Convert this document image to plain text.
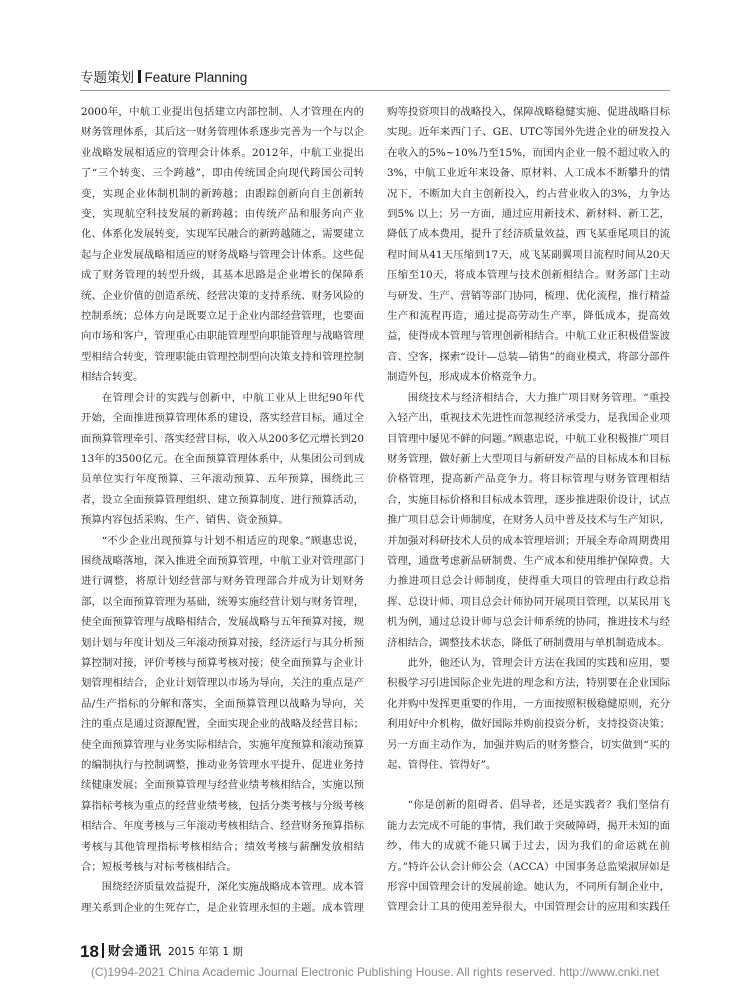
专题策划 Feature Planning

2000年，中航工业提出包括建立内部控制、人才管理在内的财务管理体系，其后这一财务管理体系逐步完善为一个与以企业战略发展相适应的管理会计体系。2012年，中航工业提出了“三个转变、三个跨越”，即由传统国企向现代跨国公司转变，实现企业体制机制的新跨越；由跟踪创新向自主创新转变，实现航空科技发展的新跨越；由传统产品和服务向产业化、体系化发展转变，实现军民融合的新跨越随之，需要建立起与企业发展战略相适应的财务战略与管理会计体系。这些促成了财务管理的转型升级，其基本思路是企业增长的保障系统、企业价值的创造系统、经营决策的支持系统、财务风险的控制系统；总体方向是既要立足于企业内部经营管理，也要面向市场和客户，管理重心由职能管理型向职能管理与战略管理型相结合转变，管理职能由管理控制型向决策支持和管理控制相结合转变。

在管理会计的实践与创新中，中航工业从上世纪90年代开始，全面推进预算管理体系的建设，落实经营目标，通过全面预算管理牵引、落实经营目标，收入从200多亿元增长到2013年的3500亿元。在全面预算管理体系中，从集团公司到成员单位实行年度预算、三年滚动预算、五年预算，围绕此三者，设立全面预算管理组织、建立预算制度、进行预算活动，预算内容包括采购、生产、销售、资金预算。

“不少企业出现预算与计划不相适应的现象。”顾惠忠说，围绕战略落地，深入推进全面预算管理，中航工业对管理部门进行调整，将原计划经营部与财务管理部合并成为计划财务部，以全面预算管理为基础，统筹实施经营计划与财务管理，使全面预算管理与战略相结合，发展战略与五年预算对接，规划计划与年度计划及三年滚动预算对接，经济运行与其分析预算控制对接，评价考核与预算考核对接；使全面预算与企业计划管理相结合，企业计划管理以市场为导向，关注的重点是产品/生产指标的分解和落实，全面预算管理以战略为导向，关注的重点是通过资源配置，全面实现企业的战略及经营目标；使全面预算管理与业务实际相结合，实施年度预算和滚动预算的编制执行与控制调整，推动业务管理水平提升、促进业务持续健康发展；全面预算管理与经营业绩考核相结合，实施以预算指标考核为重点的经营业绩考核，包括分类考核与分级考核相结合、年度考核与三年滚动考核相结合、经营财务预算指标考核与其他管理指标考核相结合；绩效考核与薪酬发放相结合；短板考核与对标考核相结合。

围绕经济质量效益提升，深化实施战略成本管理。成本管理关系到企业的生死存亡，是企业管理永恒的主题。成本管理

购等投资项目的战略投入，保障战略稳健实施、促进战略目标实现。近年来西门子、GE、UTC等国外先进企业的研发投入在收入的5%~10%乃至15%，而国内企业一般不超过收入的3%，中航工业近年来设备、原材料、人工成本不断攀升的情况下，不断加大自主创新投入，约占营业收入的3%，力争达到5% 以上；另一方面，通过应用新技术、新材料、新工艺，降低了成本费用，提升了经济质量效益，西飞某垂尾项目的流程时间从41天压缩到17天，成飞某副翼项目流程时间从20天压缩至10天，将成本管理与技术创新相结合。财务部门主动与研发、生产、营销等部门协同，梳理、优化流程，推行精益生产和流程再造，通过提高劳动生产率，降低成本，提高效益，使得成本管理与管理创新相结合。中航工业正积极借鉴波音、空客，探索“设计—总装—销售”的商业模式，将部分部件制造外包，形成成本价格竞争力。

围绕技术与经济相结合，大力推广项目财务管理。“重投入轻产出，重视技术先进性而忽视经济承受力，是我国企业项目管理中屡见不鲜的问题。”顾惠忠说，中航工业积极推广项目财务管理，做好新上大型项目与新研发产品的目标成本和目标价格管理，提高新产品竞争力。将目标管理与财务管理相结合，实施目标价格和目标成本管理，逐步推进限价设计，试点推广项目总会计师制度，在财务人员中普及技术与生产知识，并加强对科研技术人员的成本管理培训；开展全寿命周期费用管理，通盘考虑新品研制费、生产成本和使用维护保障费。大力推进项目总会计师制度，使得重大项目的管理由行政总指挥、总设计师、项目总会计师协同开展项目管理，以某民用飞机为例，通过总设计师与总会计师系统的协同，推进技术与经济相结合，调整技术状态，降低了研制费用与单机制造成本。

此外，他还认为，管理会计方法在我国的实践和应用，要积极学习引进国际企业先进的理念和方法，特别要在企业国际化并购中发挥更重要的作用，一方面按照积极稳健原则，充分利用好中介机构，做好国际并购前投资分析，支持投资决策；另一方面主动作为，加强并购后的财务整合，切实做到“买的起、管得住、管得好”。

“你是创新的阻碍者、倡导者，还是实践者？我们坚信有能力去完成不可能的事情，我们敢于突破障碍，揭开未知的面纱，伟大的成就不能只属于过去，因为我们的命运就在前方。”特许公认会计师公会（ACCA）中国事务总监梁淑屏如是形容中国管理会计的发展前途。她认为，不同所有制企业中，管理会计工具的使用差异很大，中国管理会计的应用和实践任

18 财会通讯 2015 年第 1 期
(C)1994-2021 China Academic Journal Electronic Publishing House. All rights reserved. http://www.cnki.net
